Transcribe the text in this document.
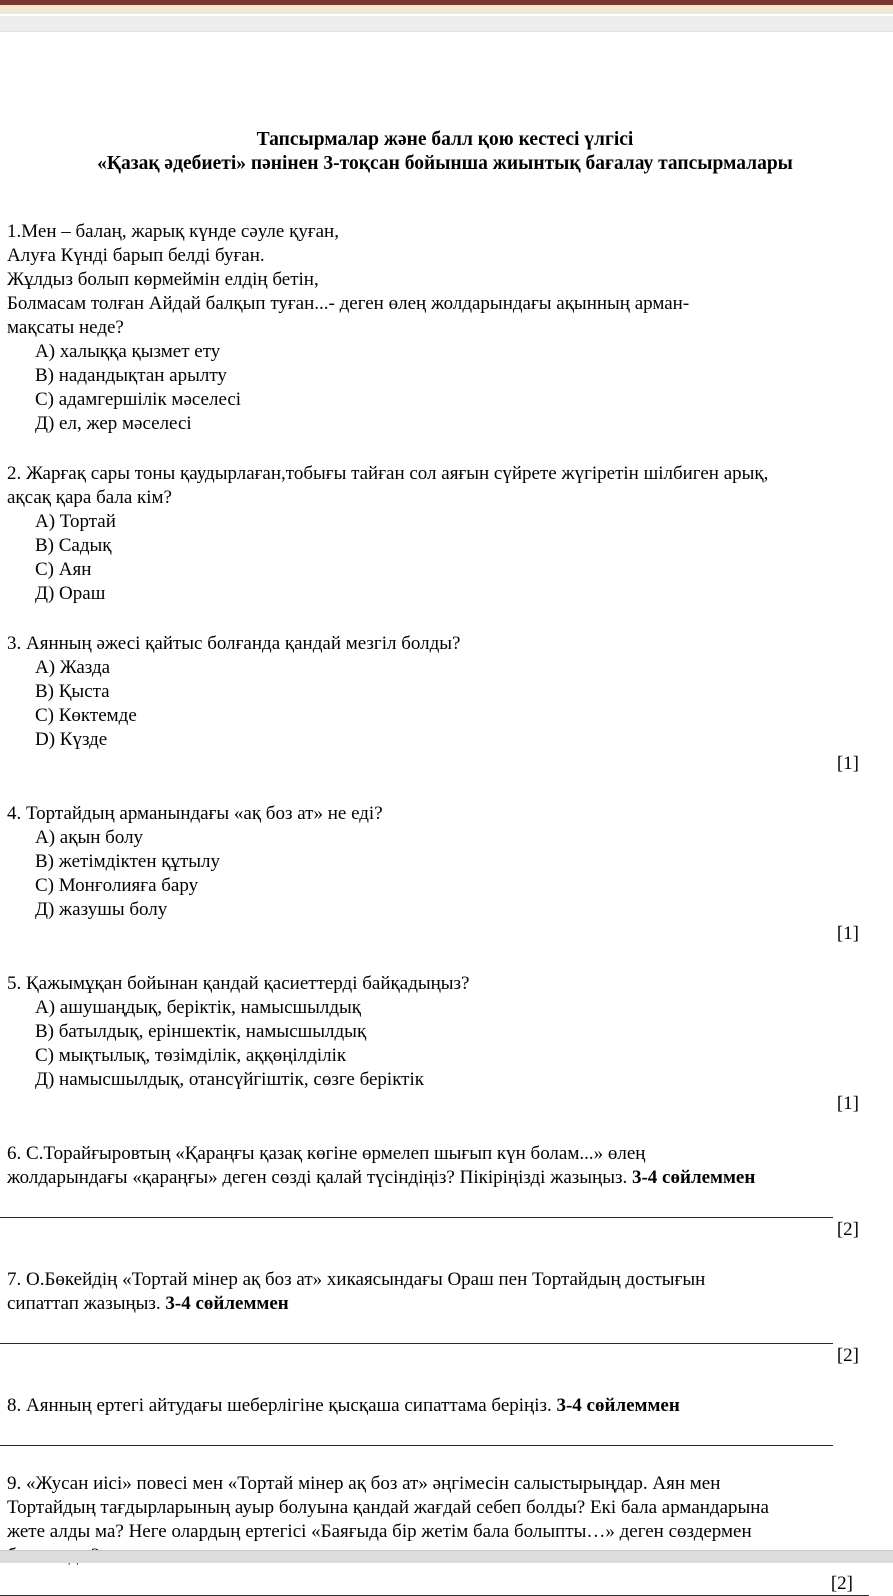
Тапсырмалар және балл қою кестесі үлгісі
«Қазақ әдебиеті» пәнінен 3-тоқсан бойынша жиынтық бағалау тапсырмалары
1.Мен – балаң, жарық күнде сәуле қуған,
Алуға Күнді барып белді буған.
Жұлдыз болып көрмеймін елдің бетін,
Болмасам толған Айдай балқып туған...- деген өлең жолдарындағы ақынның арман-
мақсаты неде?
А) халыққа қызмет ету
В) надандықтан арылту
С) адамгершілік мәселесі
Д) ел, жер мәселесі
2. Жарғақ сары тоны қаудырлаған,тобығы тайған сол аяғын сүйрете жүгіретін шілбиген арық,
ақсақ қара бала кім?
А) Тортай
В) Садық
С) Аян
Д) Ораш
3. Аянның әжесі қайтыс болғанда қандай мезгіл болды?
А) Жазда
В) Қыста
С) Көктемде
D) Күзде
[1]
4. Тортайдың арманындағы «ақ боз ат» не еді?
А) ақын болу
В) жетімдіктен құтылу
С) Монғолияға бару
Д) жазушы болу
[1]
5. Қажымұқан бойынан қандай қасиеттерді байқадыңыз?
А) ашушаңдық, беріктік, намысшылдық
В) батылдық, еріншектік, намысшылдық
С) мықтылық, төзімділік, аққөңілділік
Д) намысшылдық, отансүйгіштік, сөзге беріктік
[1]
6. С.Торайғыровтың «Қараңғы қазақ көгіне өрмелеп шығып күн болам...» өлең
жолдарындағы «қараңғы» деген сөзді қалай түсіндіңіз? Пікіріңізді жазыңыз. 3-4 сөйлеммен
[2]
7. О.Бөкейдің «Тортай мінер ақ боз ат» хикаясындағы Ораш пен Тортайдың достығын
сипаттап жазыңыз. 3-4 сөйлеммен
[2]
8. Аянның ертегі айтудағы шеберлігіне қысқаша сипаттама беріңіз. 3-4 сөйлеммен
9. «Жусан иісі» повесі мен «Тортай мінер ақ боз ат» әңгімесін салыстырыңдар. Аян мен
Тортайдың тағдырларының ауыр болуына қандай жағдай себеп болды? Екі бала армандарына
жете алды ма? Неге олардың ертегісі «Баяғыда бір жетім бала болыпты…» деген сөздермен
[2]
